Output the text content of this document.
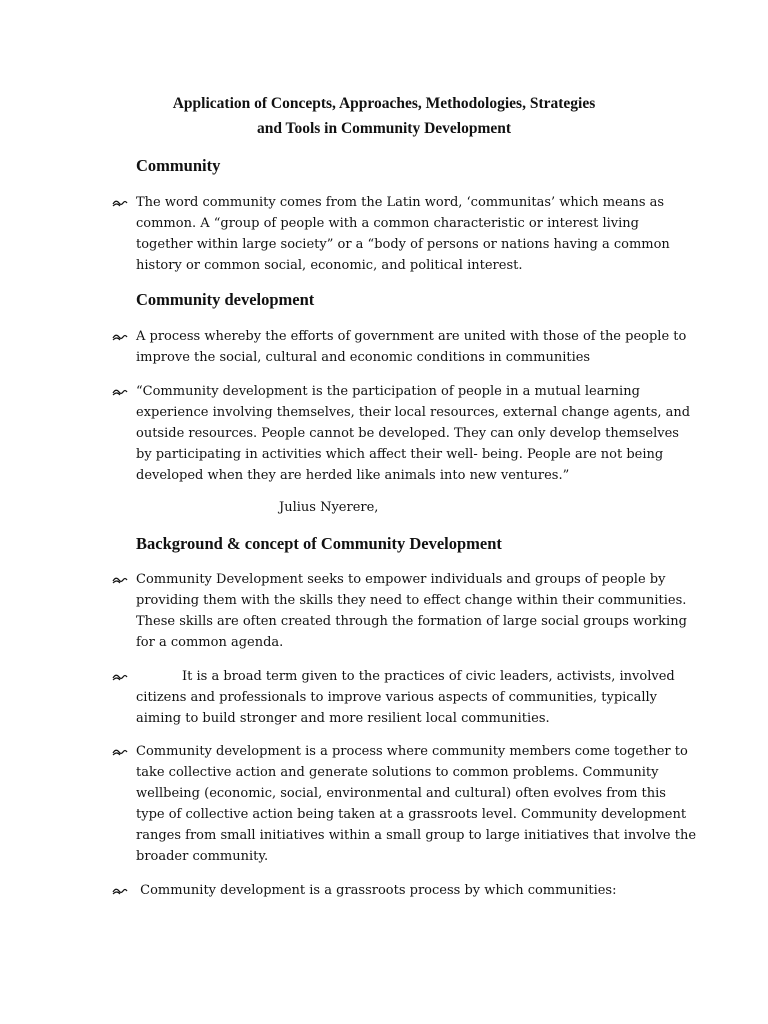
Application of Concepts, Approaches, Methodologies, Strategies
and Tools in Community Development
Community
The word community comes from the Latin word, ‘communitas’ which means as
common. A “group of people with a common characteristic or interest living
together within large society” or a “body of persons or nations having a common
history or common social, economic, and political interest.
Community development
A process whereby the efforts of government are united with those of the people to
improve the social, cultural and economic conditions in communities
“Community development is the participation of people in a mutual learning
experience involving themselves, their local resources, external change agents, and
outside resources. People cannot be developed. They can only develop themselves
by participating in activities which affect their well- being. People are not being
developed when they are herded like animals into new ventures.”
Julius Nyerere,
Background & concept of Community Development
Community Development seeks to empower individuals and groups of people by
providing them with the skills they need to effect change within their communities.
These skills are often created through the formation of large social groups working
for a common agenda.
It is a broad term given to the practices of civic leaders, activists, involved
citizens and professionals to improve various aspects of communities, typically
aiming to build stronger and more resilient local communities.
Community development is a process where community members come together to
take collective action and generate solutions to common problems. Community
wellbeing (economic, social, environmental and cultural) often evolves from this
type of collective action being taken at a grassroots level. Community development
ranges from small initiatives within a small group to large initiatives that involve the
broader community.
Community development is a grassroots process by which communities:
